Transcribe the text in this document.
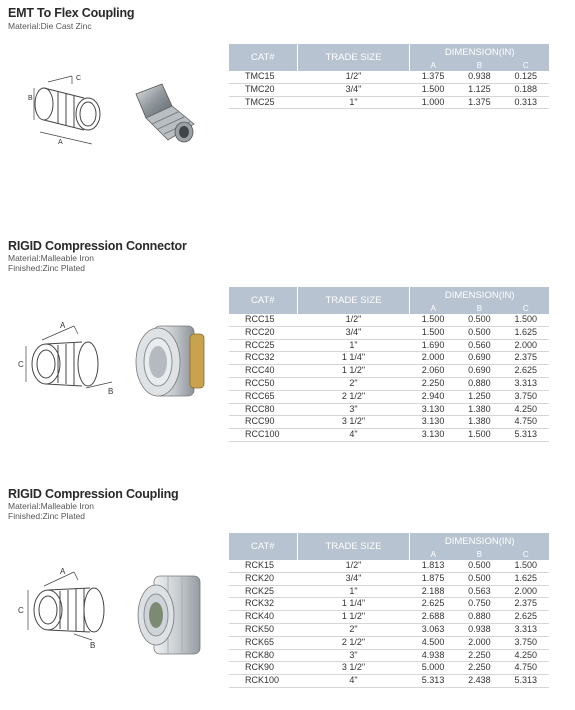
EMT To Flex Coupling
Material:Die Cast Zinc
C
B
A
CAT#	TRADE SIZE	DIMENSION(IN)		
		A	B	C
TMC15	1/2"	1.375	0.938	0.125
TMC20	3/4"	1.500	1.125	0.188
TMC25	1"	1.000	1.375	0.313
RIGID Compression Connector
Material:Malleable Iron
Finished:Zinc Plated
A
C
B
CAT#	TRADE SIZE	DIMENSION(IN)		
		A	B	C
RCC15	1/2"	1.500	0.500	1.500
RCC20	3/4"	1.500	0.500	1.625
RCC25	1"	1.690	0.560	2.000
RCC32	1 1/4"	2.000	0.690	2.375
RCC40	1 1/2"	2.060	0.690	2.625
RCC50	2"	2.250	0.880	3.313
RCC65	2 1/2"	2.940	1.250	3.750
RCC80	3"	3.130	1.380	4.250
RCC90	3 1/2"	3.130	1.380	4.750
RCC100	4"	3.130	1.500	5.313
RIGID Compression Coupling
Material:Malleable Iron
Finished:Zinc Plated
A
C
B
CAT#	TRADE SIZE	DIMENSION(IN)		
		A	B	C
RCK15	1/2"	1.813	0.500	1.500
RCK20	3/4"	1.875	0.500	1.625
RCK25	1"	2.188	0.563	2.000
RCK32	1 1/4"	2.625	0.750	2.375
RCK40	1 1/2"	2.688	0.880	2.625
RCK50	2"	3.063	0.938	3.313
RCK65	2 1/2"	4.500	2.000	3.750
RCK80	3"	4.938	2.250	4.250
RCK90	3 1/2"	5.000	2.250	4.750
RCK100	4"	5.313	2.438	5.313
